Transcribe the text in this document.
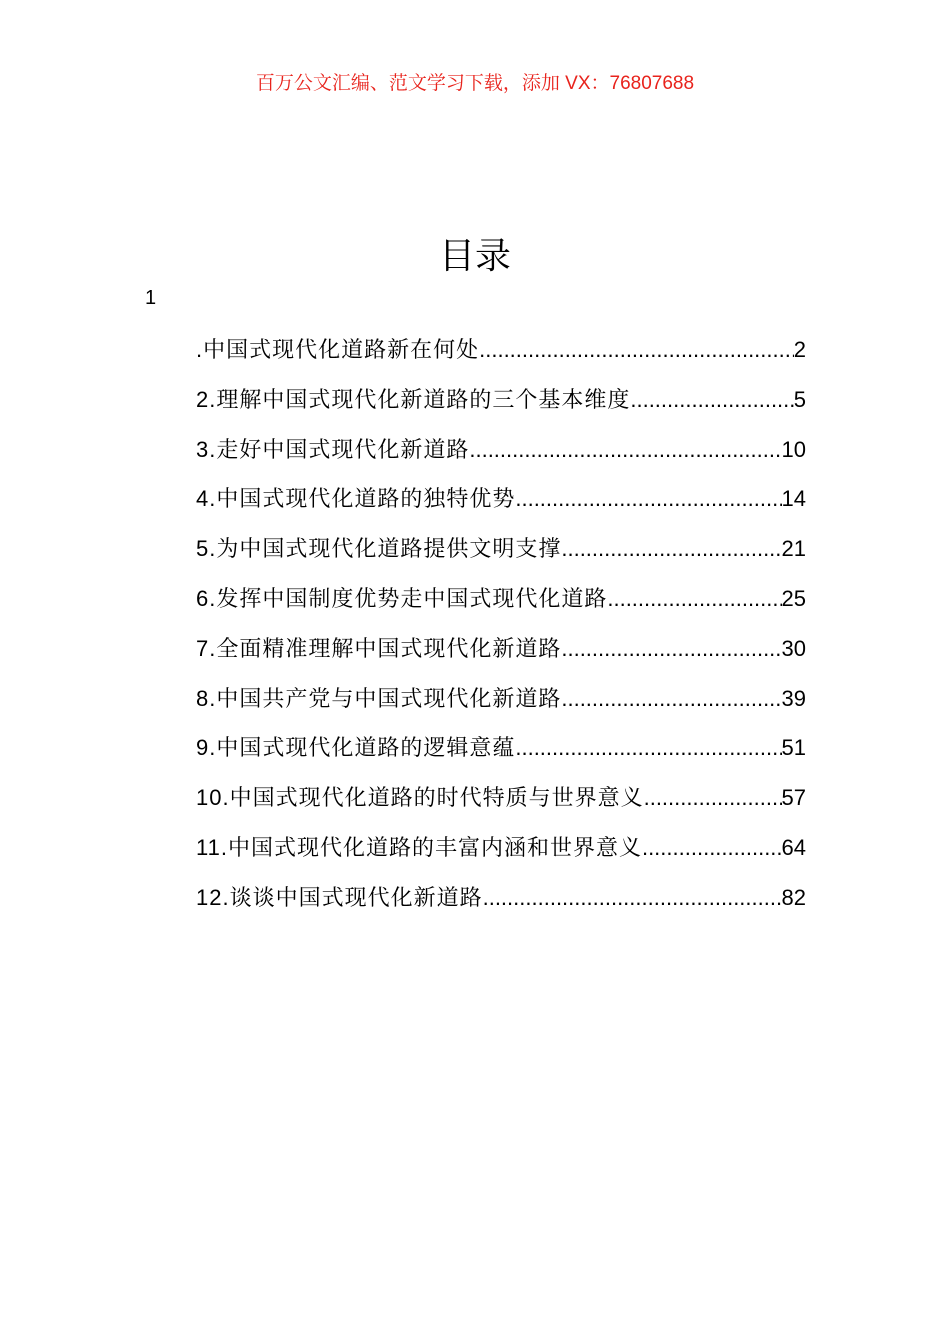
百万公文汇编、范文学习下载，添加 VX：76807688
目录
1
.中国式现代化道路新在何处 .....	2
2.理解中国式现代化新道路的三个基本维度 .....	5
3.走好中国式现代化新道路 .....	10
4.中国式现代化道路的独特优势 .....	14
5.为中国式现代化道路提供文明支撑 .....	21
6.发挥中国制度优势走中国式现代化道路 .....	25
7.全面精准理解中国式现代化新道路 .....	30
8.中国共产党与中国式现代化新道路 .....	39
9.中国式现代化道路的逻辑意蕴 .....	51
10.中国式现代化道路的时代特质与世界意义 .....	57
11.中国式现代化道路的丰富内涵和世界意义 .....	64
12.谈谈中国式现代化新道路 .....	82
